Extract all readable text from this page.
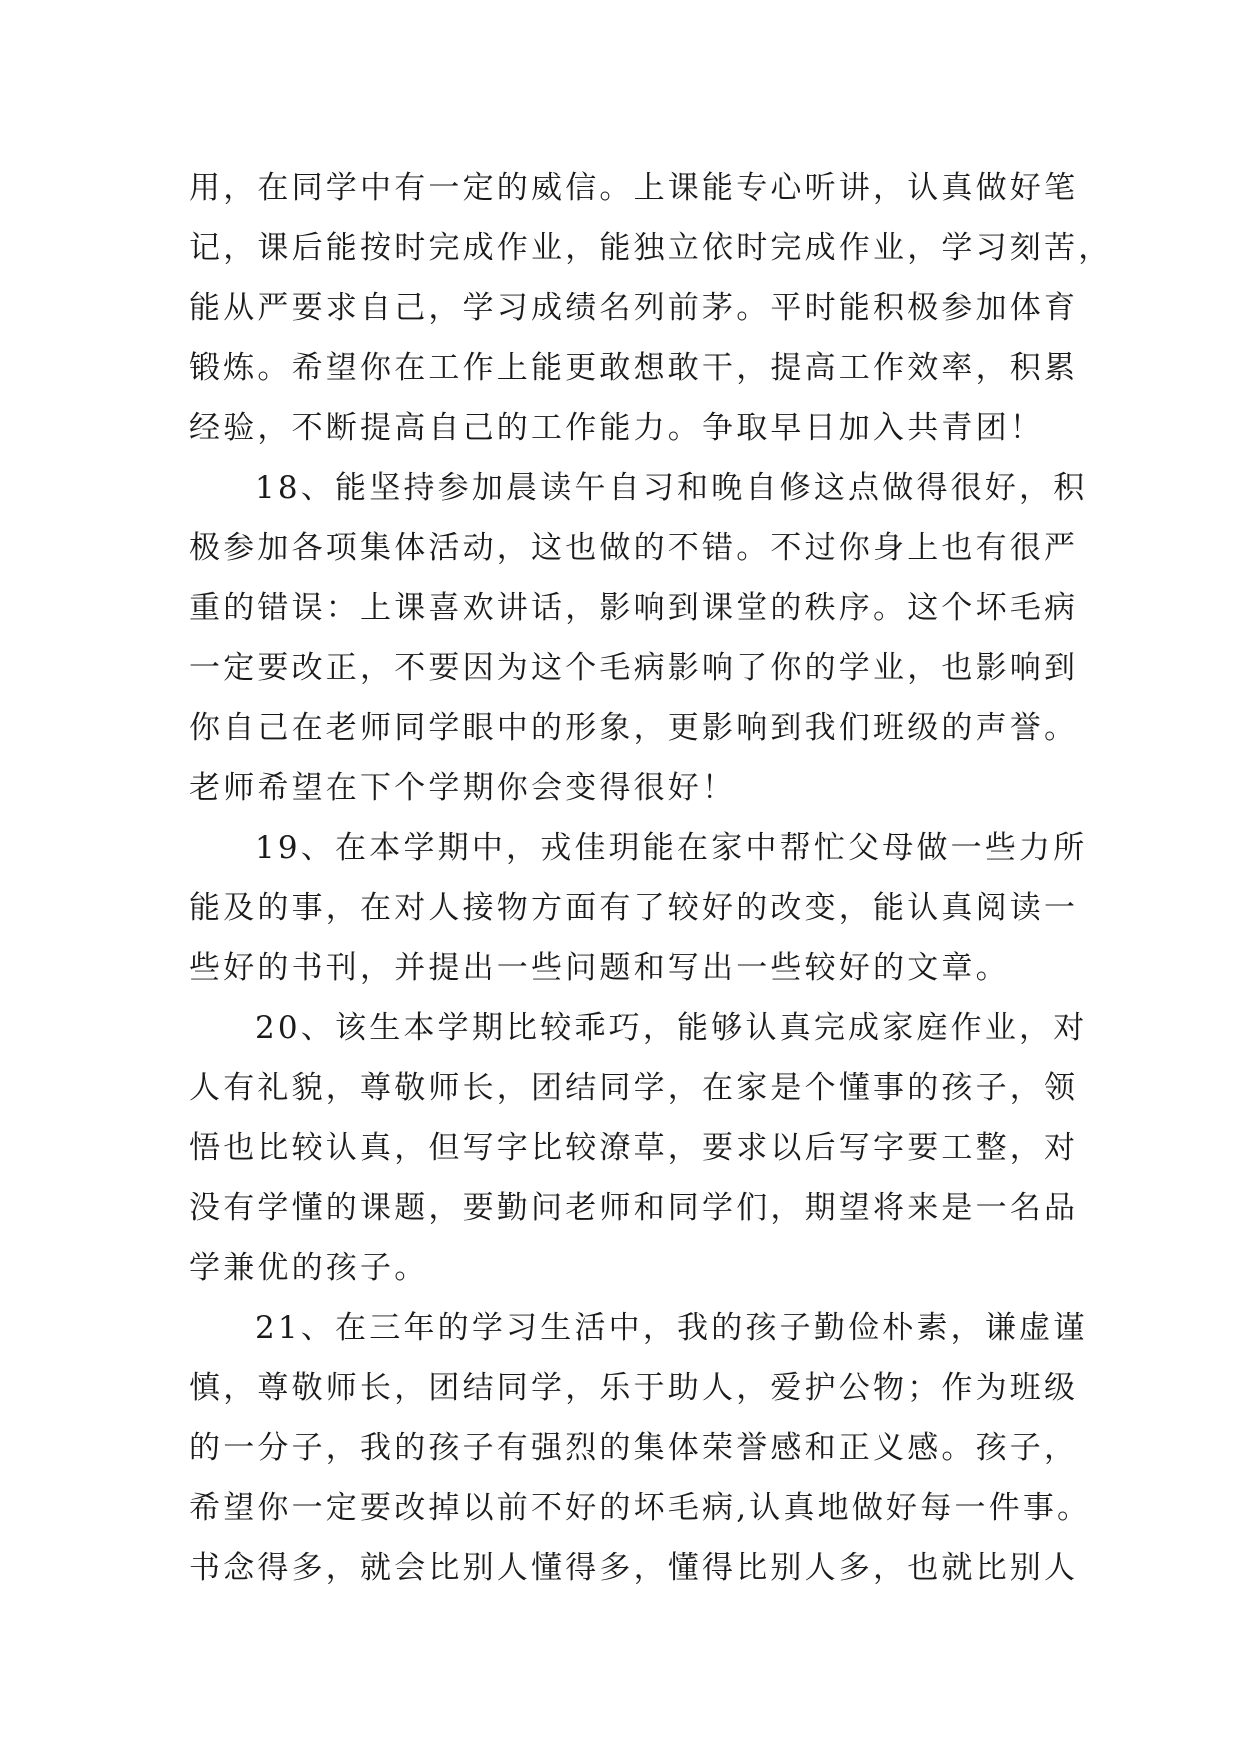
用，在同学中有一定的威信。上课能专心听讲，认真做好笔
记，课后能按时完成作业，能独立依时完成作业，学习刻苦，
能从严要求自己，学习成绩名列前茅。平时能积极参加体育
锻炼。希望你在工作上能更敢想敢干，提高工作效率，积累
经验，不断提高自己的工作能力。争取早日加入共青团！
18、能坚持参加晨读午自习和晚自修这点做得很好，积
极参加各项集体活动，这也做的不错。不过你身上也有很严
重的错误：上课喜欢讲话，影响到课堂的秩序。这个坏毛病
一定要改正，不要因为这个毛病影响了你的学业，也影响到
你自己在老师同学眼中的形象，更影响到我们班级的声誉。
老师希望在下个学期你会变得很好！
19、在本学期中，戎佳玥能在家中帮忙父母做一些力所
能及的事，在对人接物方面有了较好的改变，能认真阅读一
些好的书刊，并提出一些问题和写出一些较好的文章。
20、该生本学期比较乖巧，能够认真完成家庭作业，对
人有礼貌，尊敬师长，团结同学，在家是个懂事的孩子，领
悟也比较认真，但写字比较潦草，要求以后写字要工整，对
没有学懂的课题，要勤问老师和同学们，期望将来是一名品
学兼优的孩子。
21、在三年的学习生活中，我的孩子勤俭朴素，谦虚谨
慎，尊敬师长，团结同学，乐于助人，爱护公物；作为班级
的一分子，我的孩子有强烈的集体荣誉感和正义感。孩子，
希望你一定要改掉以前不好的坏毛病,认真地做好每一件事。
书念得多，就会比别人懂得多，懂得比别人多，也就比别人
